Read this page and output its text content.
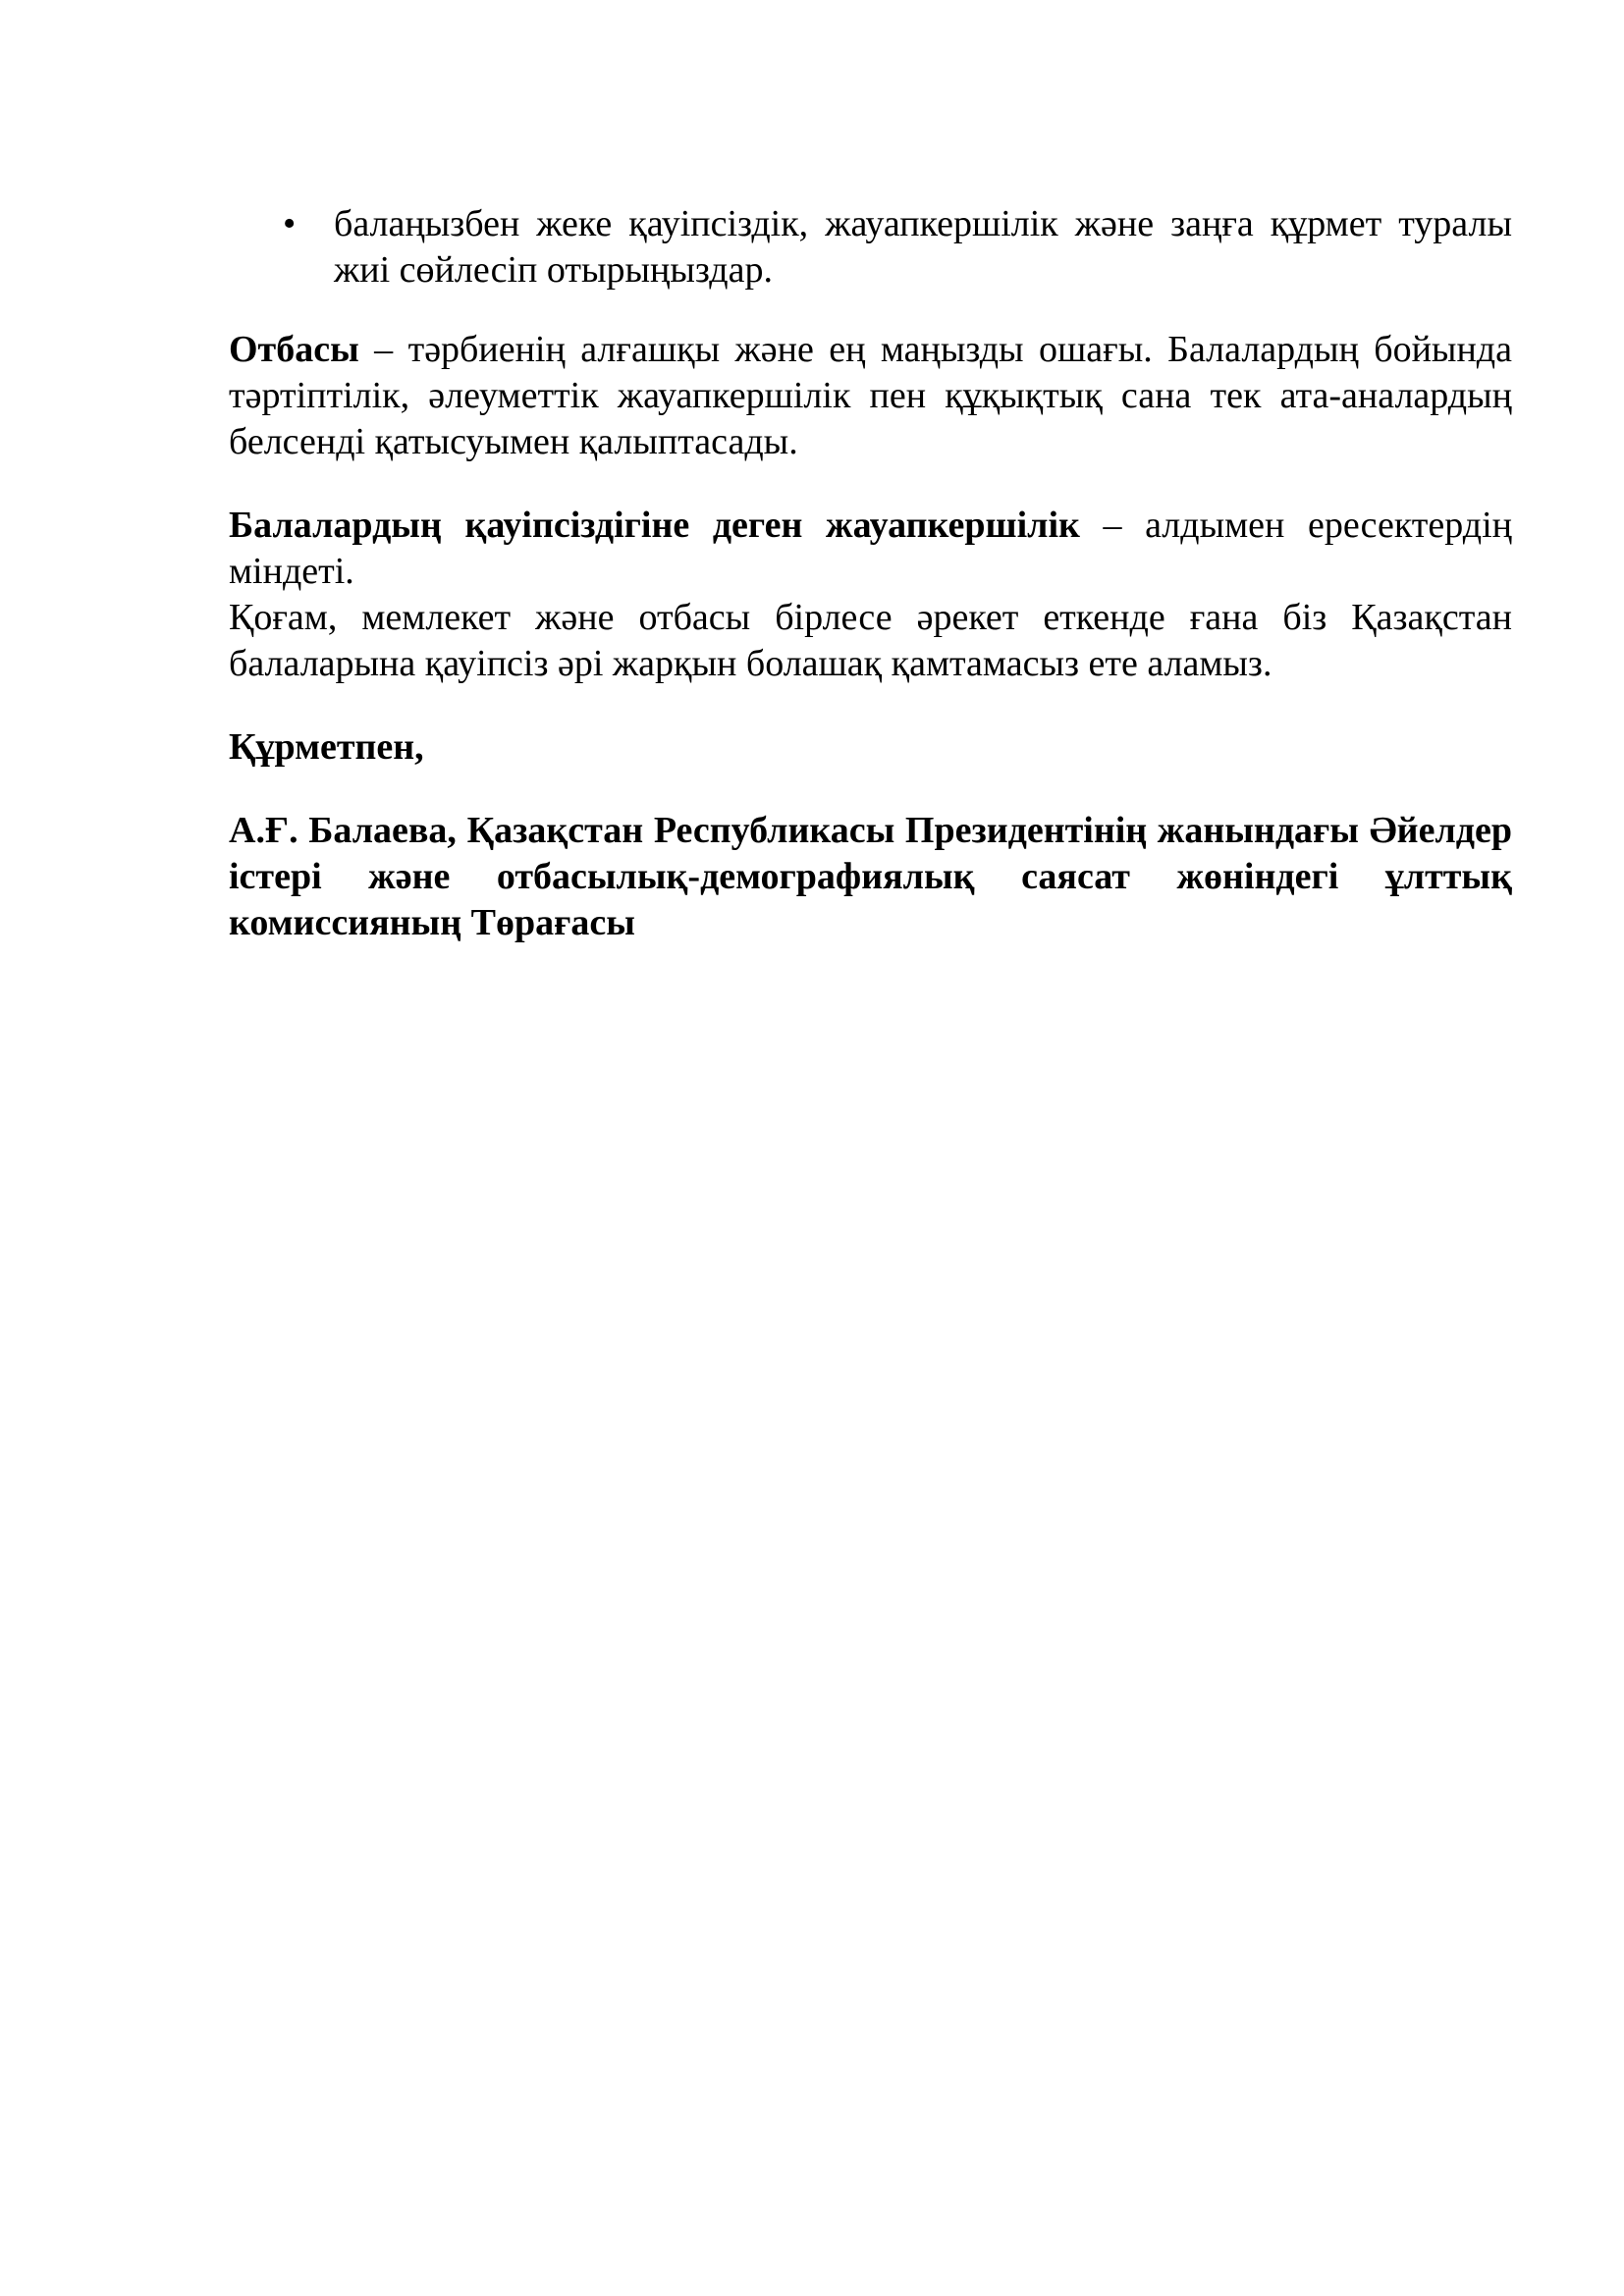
• балаңызбен жеке қауіпсіздік, жауапкершілік және заңға құрмет туралы жиі сөйлесіп отырыңыздар.

Отбасы – тәрбиенің алғашқы және ең маңызды ошағы. Балалардың бойында тәртіптілік, әлеуметтік жауапкершілік пен құқықтық сана тек ата-аналардың белсенді қатысуымен қалыптасады.

Балалардың қауіпсіздігіне деген жауапкершілік – алдымен ересектердің міндеті.

Қоғам, мемлекет және отбасы бірлесе әрекет еткенде ғана біз Қазақстан балаларына қауіпсіз әрі жарқын болашақ қамтамасыз ете аламыз.

Құрметпен,

А.Ғ. Балаева, Қазақстан Республикасы Президентінің жанындағы Әйелдер істері және отбасылық-демографиялық саясат жөніндегі ұлттық комиссияның Төрағасы
